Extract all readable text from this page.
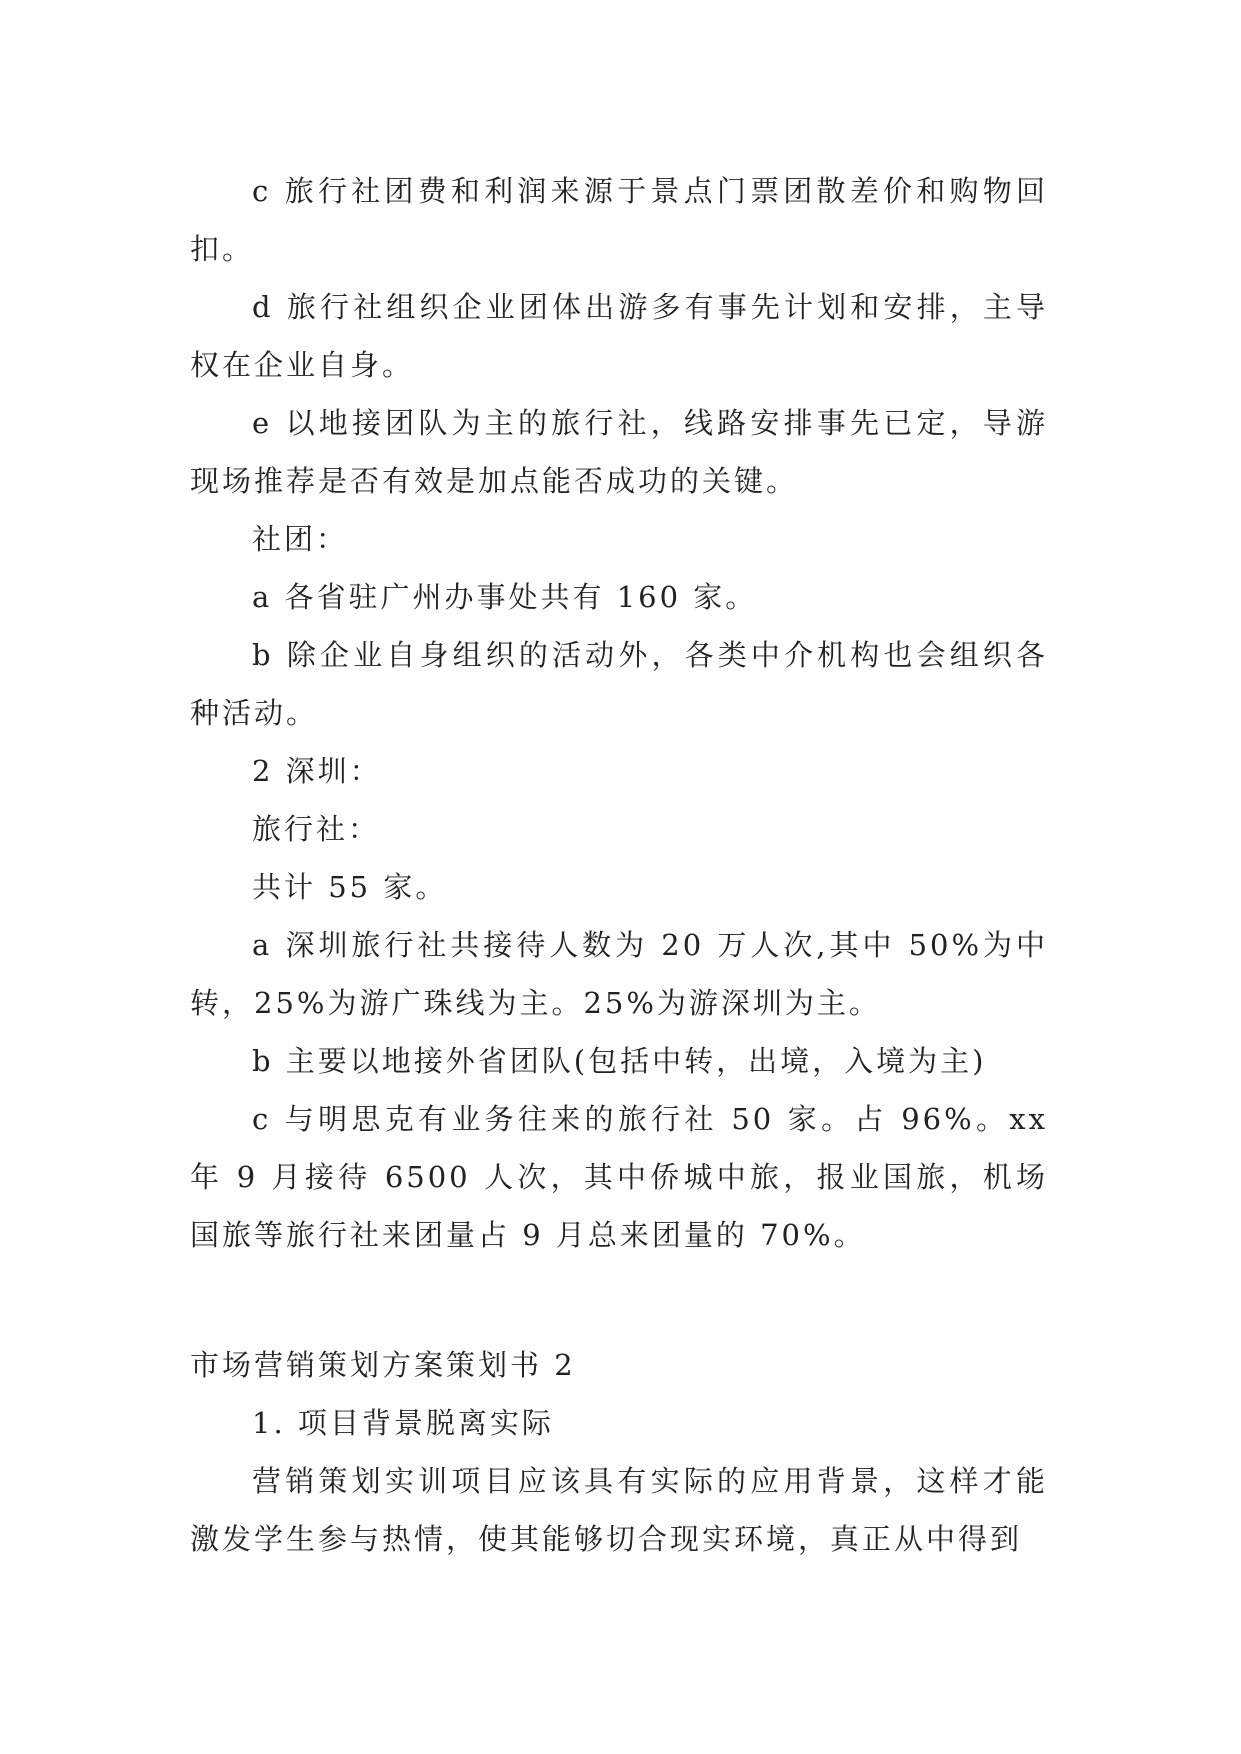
c 旅行社团费和利润来源于景点门票团散差价和购物回扣。

d 旅行社组织企业团体出游多有事先计划和安排，主导权在企业自身。

e 以地接团队为主的旅行社，线路安排事先已定，导游现场推荐是否有效是加点能否成功的关键。

社团：

a 各省驻广州办事处共有 160 家。

b 除企业自身组织的活动外，各类中介机构也会组织各种活动。

2 深圳：

旅行社：

共计 55 家。

a 深圳旅行社共接待人数为 20 万人次,其中 50%为中转，25%为游广珠线为主。25%为游深圳为主。

b 主要以地接外省团队(包括中转，出境，入境为主)

c 与明思克有业务往来的旅行社 50 家。占 96%。xx 年 9 月接待 6500 人次，其中侨城中旅，报业国旅，机场国旅等旅行社来团量占 9 月总来团量的 70%。

市场营销策划方案策划书 2

1. 项目背景脱离实际

营销策划实训项目应该具有实际的应用背景，这样才能激发学生参与热情，使其能够切合现实环境，真正从中得到
